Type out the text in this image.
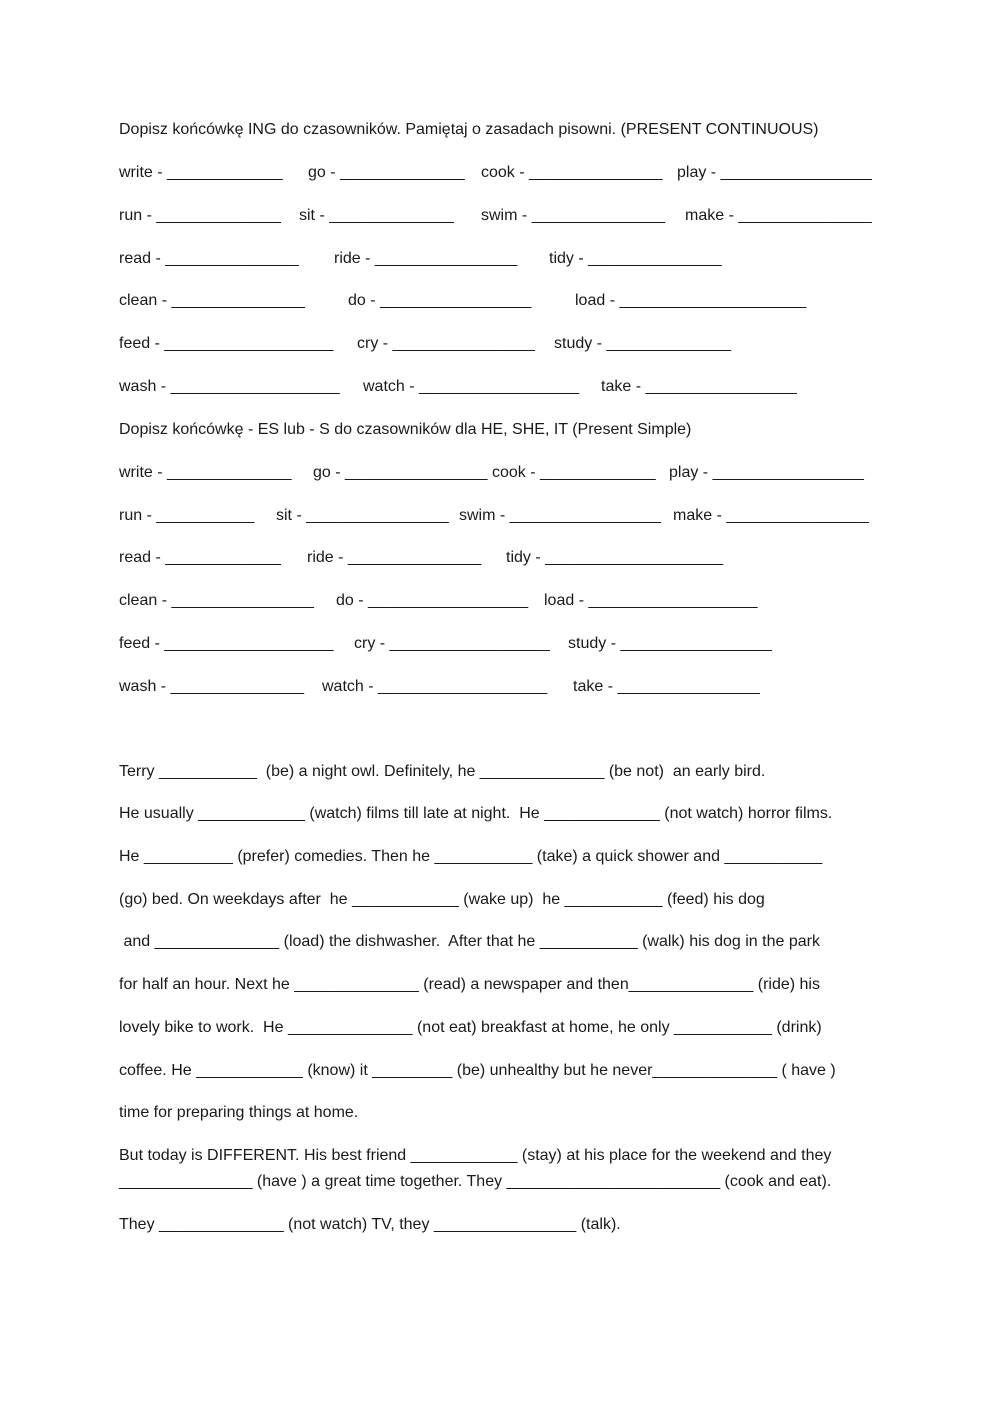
Dopisz końcówkę ING do czasowników. Pamiętaj o zasadach pisowni. (PRESENT CONTINUOUS)
write - _____________ go - ______________ cook - _______________ play - _________________
run - ______________ sit - ______________ swim - _______________ make - _______________
read - _______________ ride - ________________ tidy - _______________
clean - _______________	do - _________________	load - _____________________
feed - ___________________ cry - ________________ study - ______________
wash - ___________________ watch - __________________ take - _________________
Dopisz końcówkę - ES lub - S do czasowników dla HE, SHE, IT (Present Simple)
write - ______________ go - ________________ cook - _____________ play - _________________
run - ___________ sit - ________________ swim - _________________ make - ________________
read - _____________ ride - _______________ tidy - ____________________
clean - ________________ do - __________________ load - ___________________
feed - ___________________ cry - __________________ study - _________________
wash - _______________ watch - ___________________ take - ________________
Terry ___________  (be) a night owl. Definitely, he ______________ (be not)  an early bird.
He usually ____________ (watch) films till late at night.  He _____________ (not watch) horror films.
He __________ (prefer) comedies. Then he ___________ (take) a quick shower and ___________
(go) bed. On weekdays after  he ____________ (wake up)  he ___________ (feed) his dog
and ______________ (load) the dishwasher.  After that he ___________ (walk) his dog in the park
for half an hour. Next he ______________ (read) a newspaper and then______________ (ride) his
lovely bike to work.  He ______________ (not eat) breakfast at home, he only ___________ (drink)
coffee. He ____________ (know) it _________ (be) unhealthy but he never______________ ( have )
time for preparing things at home.
But today is DIFFERENT. His best friend ____________ (stay) at his place for the weekend and they
_______________ (have ) a great time together. They ________________________ (cook and eat).
They ______________ (not watch) TV, they ________________ (talk).
